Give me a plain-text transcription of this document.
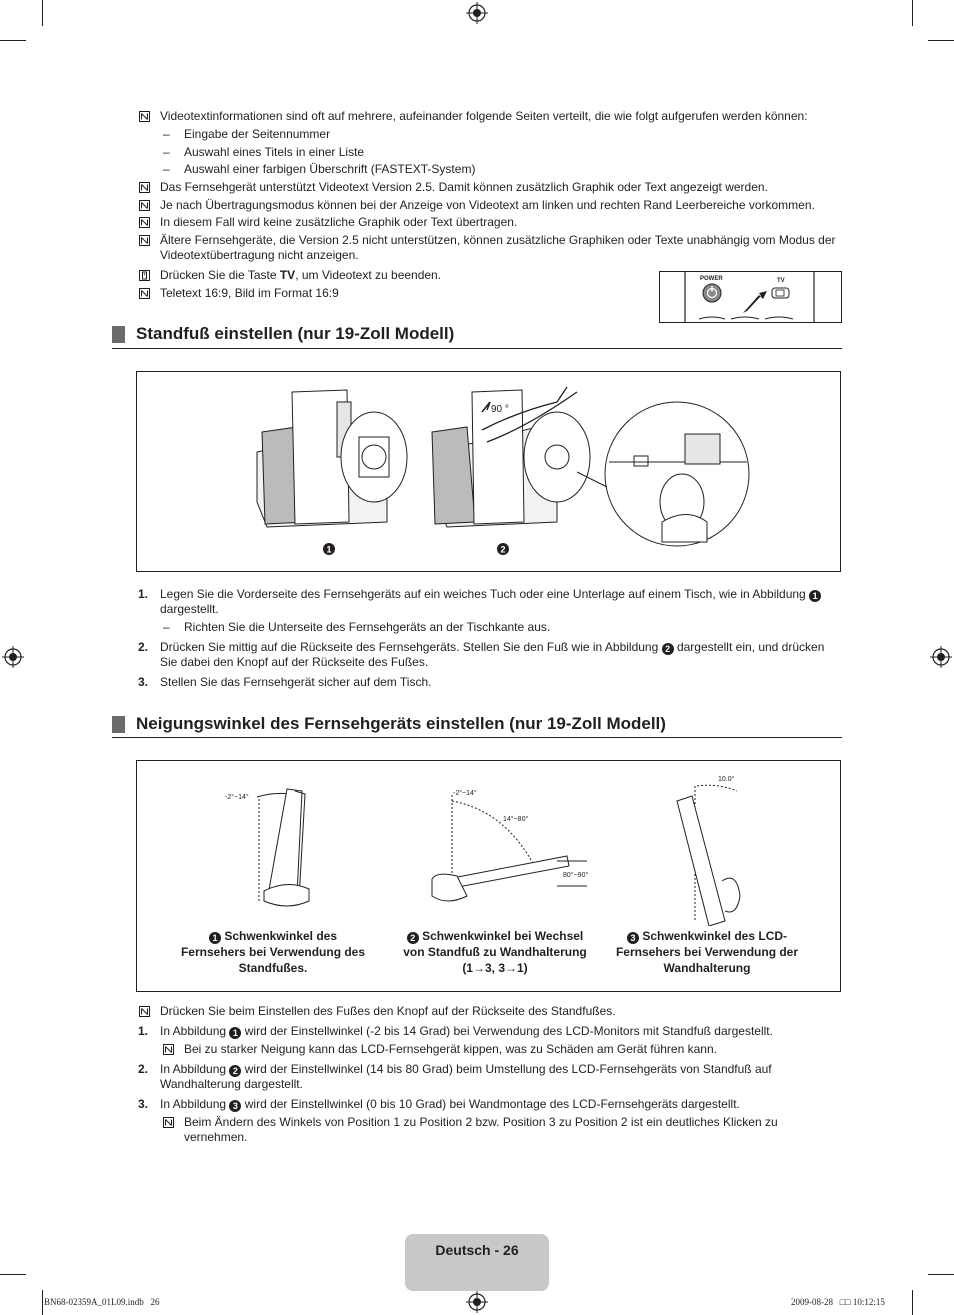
Videotextinformationen sind oft auf mehrere, aufeinander folgende Seiten verteilt, die wie folgt aufgerufen werden können:
– Eingabe der Seitennummer
– Auswahl eines Titels in einer Liste
– Auswahl einer farbigen Überschrift (FASTEXT-System)
Das Fernsehgerät unterstützt Videotext Version 2.5. Damit können zusätzlich Graphik oder Text angezeigt werden.
Je nach Übertragungsmodus können bei der Anzeige von Videotext am linken und rechten Rand Leerbereiche vorkommen.
In diesem Fall wird keine zusätzliche Graphik oder Text übertragen.
Ältere Fernsehgeräte, die Version 2.5 nicht unterstützen, können zusätzliche Graphiken oder Texte unabhängig vom Modus der Videotextübertragung nicht anzeigen.
Drücken Sie die Taste TV, um Videotext zu beenden.
Teletext 16:9, Bild im Format 16:9
POWER	TV
Standfuß einstellen (nur 19-Zoll Modell)
90 °
1	2
1. Legen Sie die Vorderseite des Fernsehgeräts auf ein weiches Tuch oder eine Unterlage auf einem Tisch, wie in Abbildung 1 dargestellt.
– Richten Sie die Unterseite des Fernsehgeräts an der Tischkante aus.
2. Drücken Sie mittig auf die Rückseite des Fernsehgeräts. Stellen Sie den Fuß wie in Abbildung 2 dargestellt ein, und drücken Sie dabei den Knopf auf der Rückseite des Fußes.
3. Stellen Sie das Fernsehgerät sicher auf dem Tisch.
Neigungswinkel des Fernsehgeräts einstellen (nur 19-Zoll Modell)
-2°~14°
-2°~14°
14°~80°
80°~90°
10.0°
1 Schwenkwinkel des Fernsehers bei Verwendung des Standfußes.
2 Schwenkwinkel bei Wechsel von Standfuß zu Wandhalterung (1→3, 3→1)
3 Schwenkwinkel des LCD-Fernsehers bei Verwendung der Wandhalterung
Drücken Sie beim Einstellen des Fußes den Knopf auf der Rückseite des Standfußes.
1. In Abbildung 1 wird der Einstellwinkel (-2 bis 14 Grad) bei Verwendung des LCD-Monitors mit Standfuß dargestellt.
Bei zu starker Neigung kann das LCD-Fernsehgerät kippen, was zu Schäden am Gerät führen kann.
2. In Abbildung 2 wird der Einstellwinkel (14 bis 80 Grad) beim Umstellung des LCD-Fernsehgeräts von Standfuß auf Wandhalterung dargestellt.
3. In Abbildung 3 wird der Einstellwinkel (0 bis 10 Grad) bei Wandmontage des LCD-Fernsehgeräts dargestellt.
Beim Ändern des Winkels von Position 1 zu Position 2 bzw. Position 3 zu Position 2 ist ein deutliches Klicken zu vernehmen.
Deutsch - 26
BN68-02359A_01L09.indb   26	2009-08-28   □□ 10:12:15
